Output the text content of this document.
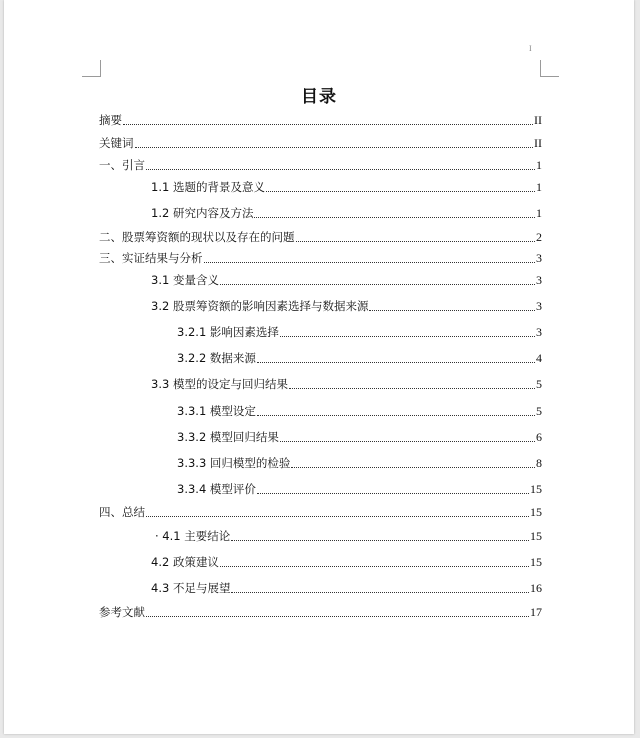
I
目录
摘要	II
关键词	II
一、引言	1
1.1 选题的背景及意义	1
1.2 研究内容及方法	1
二、股票筹资额的现状以及存在的问题	2
三、实证结果与分析	3
3.1 变量含义	3
3.2 股票筹资额的影响因素选择与数据来源	3
3.2.1 影响因素选择	3
3.2.2 数据来源	4
3.3 模型的设定与回归结果	5
3.3.1 模型设定	5
3.3.2 模型回归结果	6
3.3.3 回归模型的检验	8
3.3.4 模型评价	15
四、总结	15
· 4.1 主要结论	15
4.2 政策建议	15
4.3 不足与展望	16
参考文献	17
